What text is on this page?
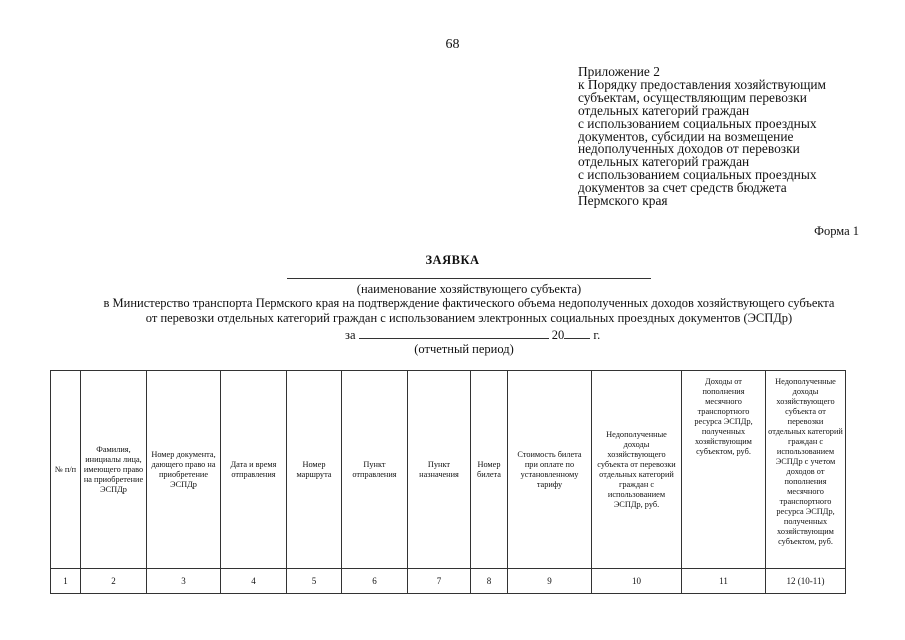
68
Приложение 2
к Порядку предоставления хозяйствующим
субъектам, осуществляющим перевозки
отдельных категорий граждан
с использованием социальных проездных
документов, субсидии на возмещение
недополученных доходов от перевозки
отдельных категорий граждан
с использованием социальных проездных
документов за счет средств бюджета
Пермского края
Форма 1
ЗАЯВКА
(наименование хозяйствующего субъекта)
в Министерство транспорта Пермского края на подтверждение фактического объема недополученных доходов хозяйствующего субъекта
от перевозки отдельных категорий граждан с использованием электронных социальных проездных документов (ЭСПДр)
за	20 г.
(отчетный период)
№ п/п	Фамилия, инициалы лица, имеющего право на приобретение ЭСПДр	Номер документа, дающего право на приобретение ЭСПДр	Дата и время отправления	Номер маршрута	Пункт отправления	Пункт назначения	Номер билета	Стоимость билета при оплате по установленному тарифу	Недополученные доходы хозяйствующего субъекта от перевозки отдельных категорий граждан с использованием ЭСПДр, руб.	Доходы от пополнения месячного транспортного ресурса ЭСПДр, полученных хозяйствующим субъектом, руб.	Недополученные доходы хозяйствующего субъекта от перевозки отдельных категорий граждан с использованием ЭСПДр с учетом доходов от пополнения месячного транспортного ресурса ЭСПДр, полученных хозяйствующим субъектом, руб.
1	2	3	4	5	6	7	8	9	10	11	12 (10-11)
